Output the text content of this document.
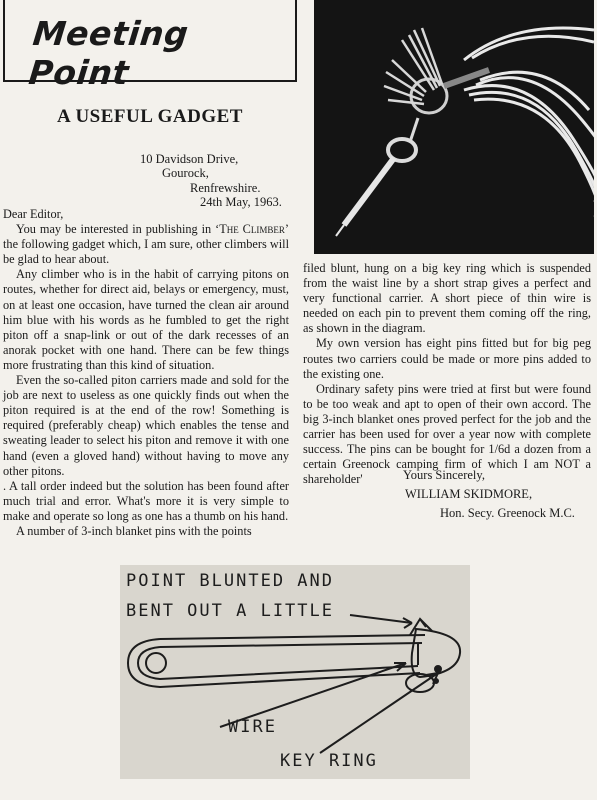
Meeting Point
A USEFUL GADGET
10 Davidson Drive,
Gourock,
Renfrewshire.
24th May, 1963.

Dear Editor,

You may be interested in publishing in ‘The Climber’ the following gadget which, I am sure, other climbers will be glad to hear about.

Any climber who is in the habit of carrying pitons on routes, whether for direct aid, belays or emergency, must, on at least one occasion, have turned the clean air around him blue with his words as he fumbled to get the right piton off a snap-link or out of the dark recesses of an anorak pocket with one hand. There can be few things more frustrating than this kind of situation.

Even the so-called piton carriers made and sold for the job are next to useless as one quickly finds out when the piton required is at the end of the row! Something is required (preferably cheap) which enables the tense and sweating leader to select his piton and remove it with one hand (even a gloved hand) without having to move any other pitons.

. A tall order indeed but the solution has been found after much trial and error. What's more it is very simple to make and operate so long as one has a thumb on his hand.

A number of 3-inch blanket pins with the points

filed blunt, hung on a big key ring which is suspended from the waist line by a short strap gives a perfect and very functional carrier. A short piece of thin wire is needed on each pin to prevent them coming off the ring, as shown in the diagram.

My own version has eight pins fitted but for big peg routes two carriers could be made or more pins added to the existing one.

Ordinary safety pins were tried at first but were found to be too weak and apt to open of their own accord. The big 3-inch blanket ones proved perfect for the job and the carrier has been used for over a year now with complete success. The pins can be bought for 1/6d a dozen from a certain Greenock camping firm of which I am NOT a shareholder'	Yours Sincerely,
WILLIAM SKIDMORE,
Hon. Secy. Greenock M.C.
POINT BLUNTED AND
BENT OUT A LITTLE
WIRE
KEY RING
